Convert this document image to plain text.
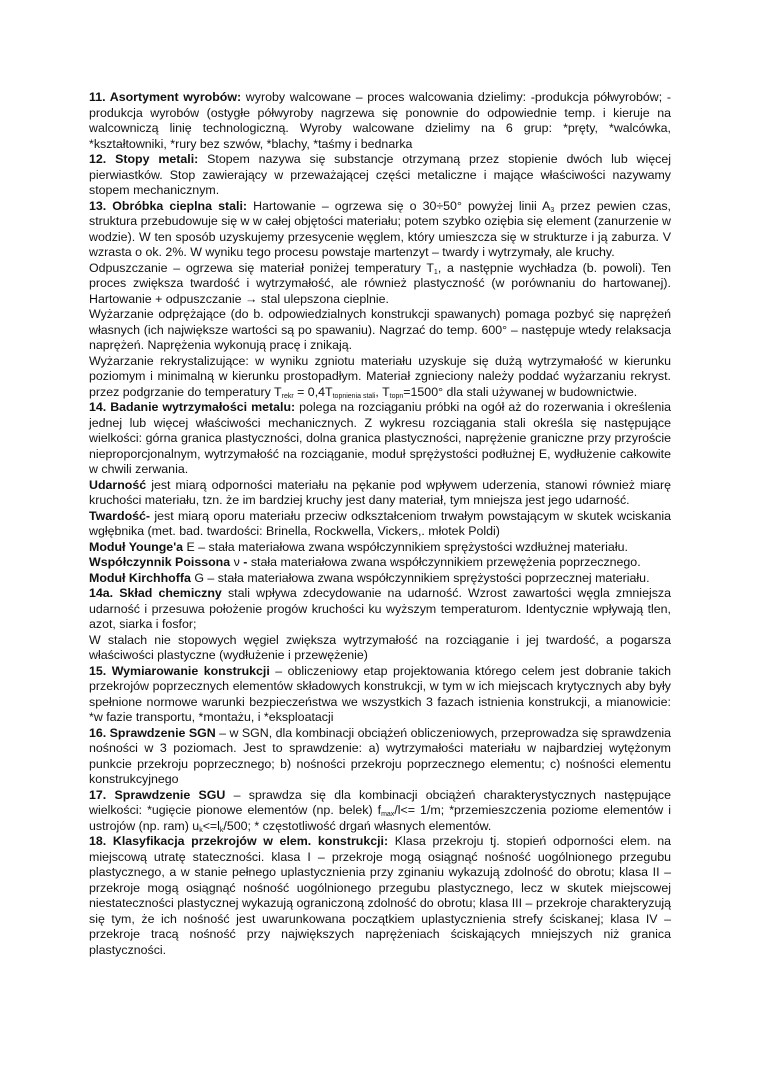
11. Asortyment wyrobów: wyroby walcowane – proces walcowania dzielimy: -produkcja półwyrobów; -produkcja wyrobów (ostygłe półwyroby nagrzewa się ponownie do odpowiednie temp. i kieruje na walcowniczą linię technologiczną. Wyroby walcowane dzielimy na 6 grup: *pręty, *walcówka, *kształtowniki, *rury bez szwów, *blachy, *taśmy i bednarka

12. Stopy metali: Stopem nazywa się substancje otrzymaną przez stopienie dwóch lub więcej pierwiastków. Stop zawierający w przeważającej części metaliczne i mające właściwości nazywamy stopem mechanicznym.

13. Obróbka cieplna stali: Hartowanie – ogrzewa się o 30÷50° powyżej linii $A_3$ przez pewien czas, struktura przebudowuje się w w całej objętości materiału; potem szybko oziębia się element (zanurzenie w wodzie). W ten sposób uzyskujemy przesycenie węglem, który umieszcza się w strukturze i ją zaburza. V wzrasta o ok. 2%. W wyniku tego procesu powstaje martenzyt – twardy i wytrzymały, ale kruchy.

Odpuszczanie – ogrzewa się materiał poniżej temperatury $T_1$, a następnie wychładza (b. powoli). Ten proces zwiększa twardość i wytrzymałość, ale również plastyczność (w porównaniu do hartowanej). Hartowanie + odpuszczanie → stal ulepszona cieplnie.

Wyżarzanie odprężające (do b. odpowiedzialnych konstrukcji spawanych) pomaga pozbyć się naprężeń własnych (ich największe wartości są po spawaniu). Nagrzać do temp. 600° – następuje wtedy relaksacja naprężeń. Naprężenia wykonują pracę i znikają.

Wyżarzanie rekrystalizujące: w wyniku zgniotu materiału uzyskuje się dużą wytrzymałość w kierunku poziomym i minimalną w kierunku prostopadłym. Materiał zgnieciony należy poddać wyżarzaniu rekryst. przez podgrzanie do temperatury $T_{rekr} = 0,4T_{topnienia stali}$, $T_{topn}=1500^\circ$ dla stali używanej w budownictwie.

14. Badanie wytrzymałości metalu: polega na rozciąganiu próbki na ogół aż do rozerwania i określenia jednej lub więcej właściwości mechanicznych. Z wykresu rozciągania stali określa się następujące wielkości: górna granica plastyczności, dolna granica plastyczności, naprężenie graniczne przy przyroście nieproporcjonalnym, wytrzymałość na rozciąganie, moduł sprężystości podłużnej E, wydłużenie całkowite w chwili zerwania.

Udarność jest miarą odporności materiału na pękanie pod wpływem uderzenia, stanowi również miarę kruchości materiału, tzn. że im bardziej kruchy jest dany materiał, tym mniejsza jest jego udarność.

Twardość- jest miarą oporu materiału przeciw odkształceniom trwałym powstającym w skutek wciskania wgłębnika (met. bad. twardości: Brinella, Rockwella, Vickers,. młotek Poldi)

Moduł Younge'a E – stała materiałowa zwana współczynnikiem sprężystości wzdłużnej materiału.

Współczynnik Poissona ν - stała materiałowa zwana współczynnikiem przewężenia poprzecznego.

Moduł Kirchhoffa G – stała materiałowa zwana współczynnikiem sprężystości poprzecznej materiału.

14a. Skład chemiczny stali wpływa zdecydowanie na udarność. Wzrost zawartości węgla zmniejsza udarność i przesuwa położenie progów kruchości ku wyższym temperaturom. Identycznie wpływają tlen, azot, siarka i fosfor;

W stalach nie stopowych węgiel zwiększa wytrzymałość na rozciąganie i jej twardość, a pogarsza właściwości plastyczne (wydłużenie i przewężenie)

15. Wymiarowanie konstrukcji – obliczeniowy etap projektowania którego celem jest dobranie takich przekrojów poprzecznych elementów składowych konstrukcji, w tym w ich miejscach krytycznych aby były spełnione normowe warunki bezpieczeństwa we wszystkich 3 fazach istnienia konstrukcji, a mianowicie: *w fazie transportu, *montażu, i *eksploatacji

16. Sprawdzenie SGN – w SGN, dla kombinacji obciążeń obliczeniowych, przeprowadza się sprawdzenia nośności w 3 poziomach. Jest to sprawdzenie: a) wytrzymałości materiału w najbardziej wytężonym punkcie przekroju poprzecznego; b) nośności przekroju poprzecznego elementu; c) nośności elementu konstrukcyjnego

17. Sprawdzenie SGU – sprawdza się dla kombinacji obciążeń charakterystycznych następujące wielkości: *ugięcie pionowe elementów (np. belek) $f_{max}/l<= 1/m$; *przemieszczenia poziome elementów i ustrojów (np. ram) $u_k<=l_k/500$; * częstotliwość drgań własnych elementów.

18. Klasyfikacja przekrojów w elem. konstrukcji: Klasa przekroju tj. stopień odporności elem. na miejscową utratę stateczności. klasa I – przekroje mogą osiągnąć nośność uogólnionego przegubu plastycznego, a w stanie pełnego uplastycznienia przy zginaniu wykazują zdolność do obrotu; klasa II – przekroje mogą osiągnąć nośność uogólnionego przegubu plastycznego, lecz w skutek miejscowej niestateczności plastycznej wykazują ograniczoną zdolność do obrotu; klasa III – przekroje charakteryzują się tym, że ich nośność jest uwarunkowana początkiem uplastycznienia strefy ściskanej; klasa IV – przekroje tracą nośność przy największych naprężeniach ściskających mniejszych niż granica plastyczności.
